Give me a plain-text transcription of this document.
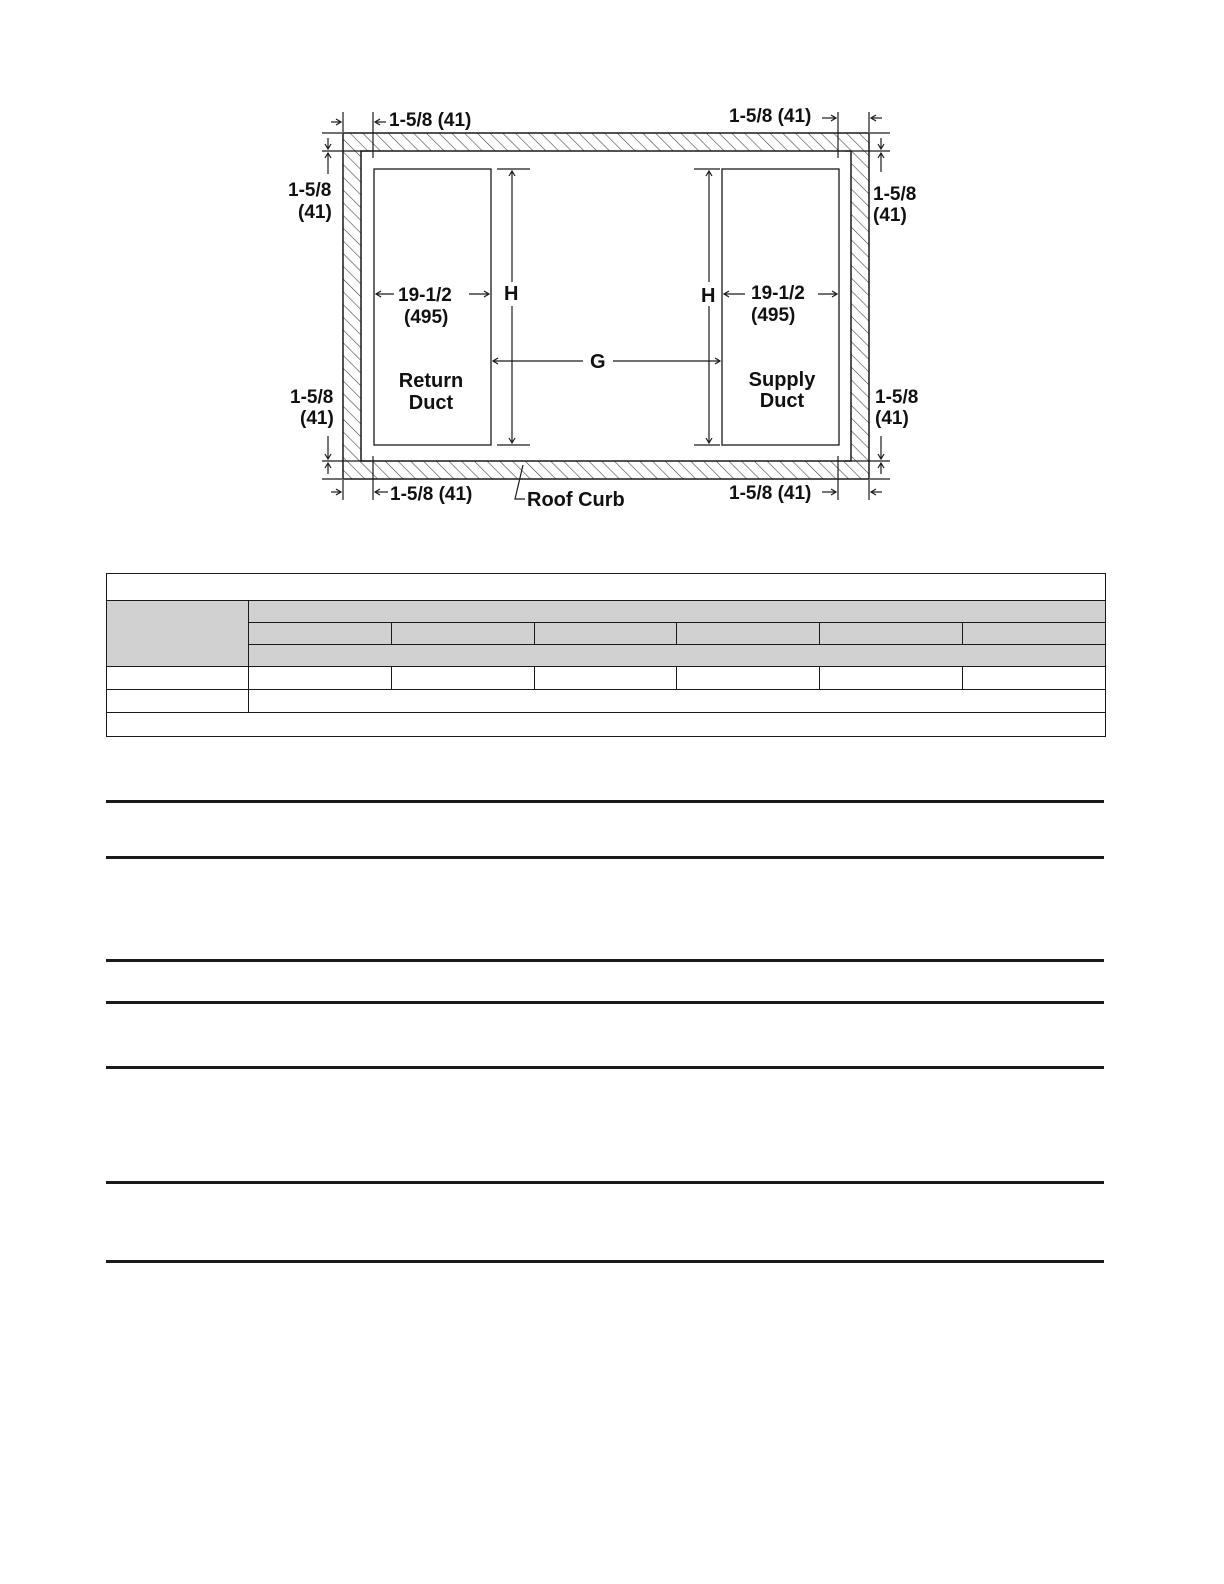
1-5/8 (41)	1-5/8 (41)
1-5/8 (41)	1-5/8 (41)
1-5/8
(41)
1-5/8
(41)
1-5/8
(41)
1-5/8
(41)
19-1/2
(495)
19-1/2
(495)
H	H
G
Return
Duct
Supply
Duct
Roof Curb
